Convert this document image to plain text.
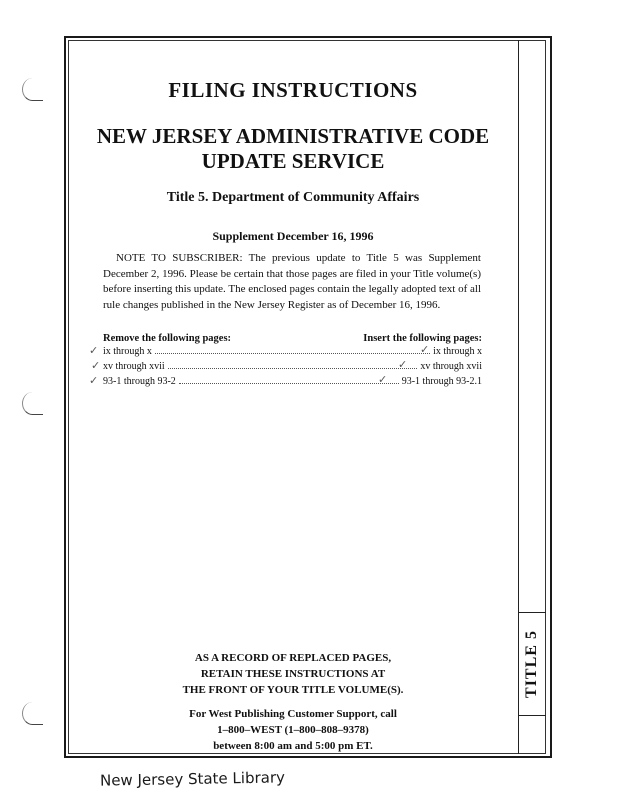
TITLE 5
FILING INSTRUCTIONS
NEW JERSEY ADMINISTRATIVE CODE
UPDATE SERVICE
Title 5. Department of Community Affairs
Supplement December 16, 1996
NOTE TO SUBSCRIBER: The previous update to Title 5 was Supplement December 2, 1996. Please be certain that those pages are filed in your Title volume(s) before inserting this update. The enclosed pages contain the legally adopted text of all rule changes published in the New Jersey Register as of December 16, 1996.
Remove the following pages:	Insert the following pages:
ix through x	ix through x
xv through xvii	xv through xvii
93-1 through 93-2	93-1 through 93-2.1
✓
✓
✓
✓
✓
✓
AS A RECORD OF REPLACED PAGES,
RETAIN THESE INSTRUCTIONS AT
THE FRONT OF YOUR TITLE VOLUME(S).
For West Publishing Customer Support, call
1–800–WEST (1–800–808–9378)
between 8:00 am and 5:00 pm ET.
New Jersey State Library
